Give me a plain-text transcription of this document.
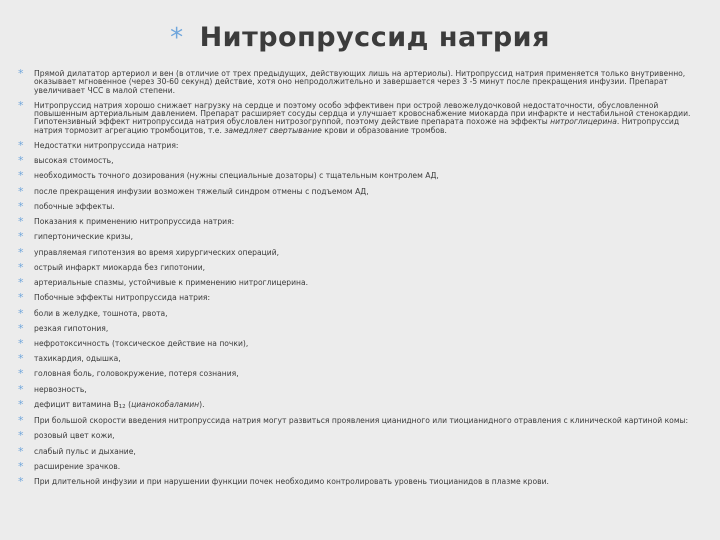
* Нитропруссид натрия
* Прямой дилататор артериол и вен (в отличие от трех предыдущих, действующих лишь на артериолы). Нитропруссид натрия применяется только внутривенно, оказывает мгновенное (через 30-60 секунд) действие, хотя оно непродолжительно и завершается через 3 -5 минут после прекращения инфузии. Препарат увеличивает ЧСС в малой степени.
* Нитропруссид натрия хорошо снижает нагрузку на сердце и поэтому особо эффективен при острой левожелудочковой недостаточности, обусловленной повышенным артериальным давлением. Препарат расширяет сосуды сердца и улучшает кровоснабжение миокарда при инфаркте и нестабильной стенокардии. Гипотензивный эффект нитропруссида натрия обусловлен нитрозогруппой, поэтому действие препарата похоже на эффекты нитроглицерина. Нитропруссид натрия тормозит агрегацию тромбоцитов, т.е. замедляет свертывание крови и образование тромбов.
* Недостатки нитропруссида натрия:
* высокая стоимость,
* необходимость точного дозирования (нужны специальные дозаторы) с тщательным контролем АД,
* после прекращения инфузии возможен тяжелый синдром отмены с подъемом АД,
* побочные эффекты.
* Показания к применению нитропруссида натрия:
* гипертонические кризы,
* управляемая гипотензия во время хирургических операций,
* острый инфаркт миокарда без гипотонии,
* артериальные спазмы, устойчивые к применению нитроглицерина.
* Побочные эффекты нитропруссида натрия:
* боли в желудке, тошнота, рвота,
* резкая гипотония,
* нефротоксичность (токсическое действие на почки),
* тахикардия, одышка,
* головная боль, головокружение, потеря сознания,
* нервозность,
* дефицит витамина $В_{12}$ (цианокобаламин).
* При большой скорости введения нитропруссида натрия могут развиться проявления цианидного или тиоцианидного отравления с клинической картиной комы:
* розовый цвет кожи,
* слабый пульс и дыхание,
* расширение зрачков.
* При длительной инфузии и при нарушении функции почек необходимо контролировать уровень тиоцианидов в плазме крови.
